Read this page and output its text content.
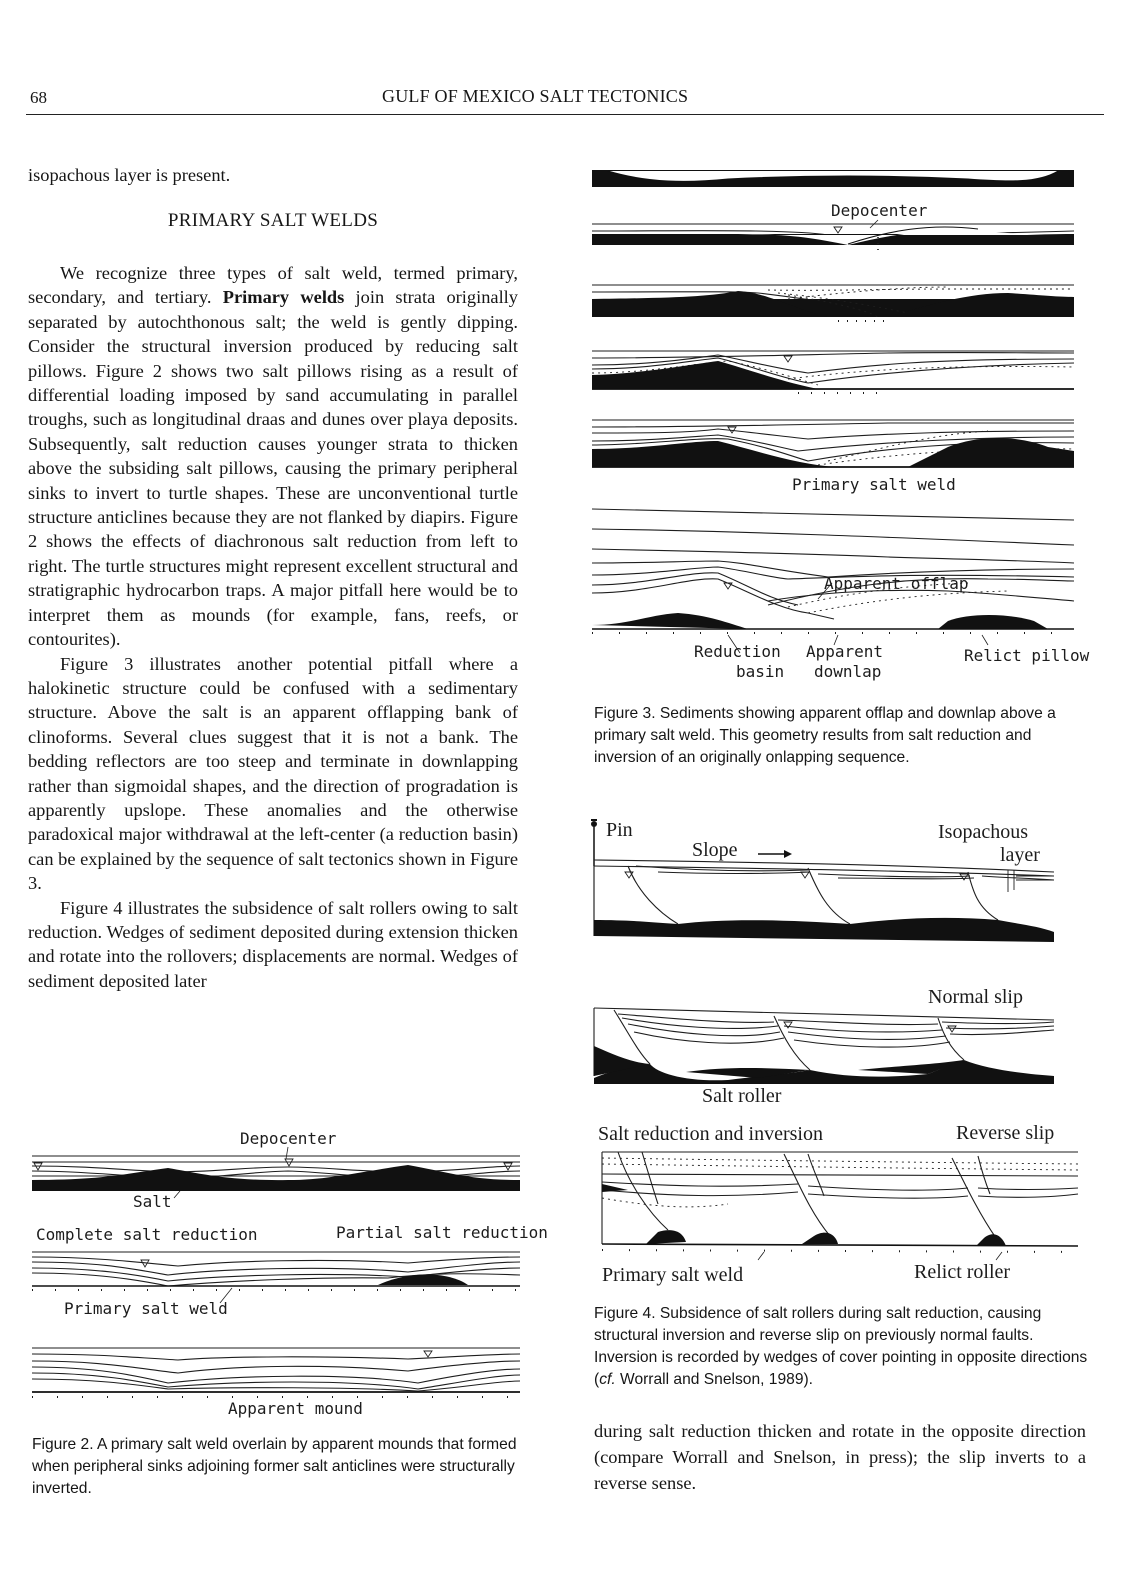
68	GULF OF MEXICO SALT TECTONICS
isopachous layer is present.
PRIMARY SALT WELDS

We recognize three types of salt weld, termed primary, secondary, and tertiary. Primary welds join strata originally separated by autochthonous salt; the weld is gently dipping. Consider the structural inversion produced by reducing salt pillows. Figure 2 shows two salt pillows rising as a result of differential loading imposed by sand accumulating in parallel troughs, such as longitudinal draas and dunes over playa deposits. Subsequently, salt reduction causes younger strata to thicken above the subsiding salt pillows, causing the primary peripheral sinks to invert to turtle shapes. These are unconventional turtle structure anticlines because they are not flanked by diapirs. Figure 2 shows the effects of diachronous salt reduction from left to right. The turtle structures might represent excellent structural and stratigraphic hydrocarbon traps. A major pitfall here would be to interpret them as mounds (for example, fans, reefs, or contourites).

Figure 3 illustrates another potential pitfall where a halokinetic structure could be confused with a sedimentary structure. Above the salt is an apparent offlapping bank of clinoforms. Several clues suggest that it is not a bank. The bedding reflectors are too steep and terminate in downlapping rather than sigmoidal shapes, and the direction of progradation is apparently upslope. These anomalies and the otherwise paradoxical major withdrawal at the left-center (a reduction basin) can be explained by the sequence of salt tectonics shown in Figure 3.

Figure 4 illustrates the subsidence of salt rollers owing to salt reduction. Wedges of sediment deposited during extension thicken and rotate into the rollovers; displacements are normal. Wedges of sediment deposited later

Depocenter
Salt
Complete salt reduction	Partial salt reduction
Primary salt weld
Apparent mound
Figure 2. A primary salt weld overlain by apparent mounds that formed when peripheral sinks adjoining former salt anticlines were structurally inverted.
Depocenter
Primary salt weld
Apparent offlap
Reduction
basin
Apparent
downlap
Relict pillow
Figure 3. Sediments showing apparent offlap and downlap above a primary salt weld. This geometry results from salt reduction and inversion of an originally onlapping sequence.
Pin
Slope
Isopachous
layer
Normal slip
Salt roller
Salt reduction and inversion	Reverse slip
Primary salt weld	Relict roller
Figure 4. Subsidence of salt rollers during salt reduction, causing structural inversion and reverse slip on previously normal faults. Inversion is recorded by wedges of cover pointing in opposite directions (cf. Worrall and Snelson, 1989).
during salt reduction thicken and rotate in the opposite direction (compare Worrall and Snelson, in press); the slip inverts to a reverse sense.
